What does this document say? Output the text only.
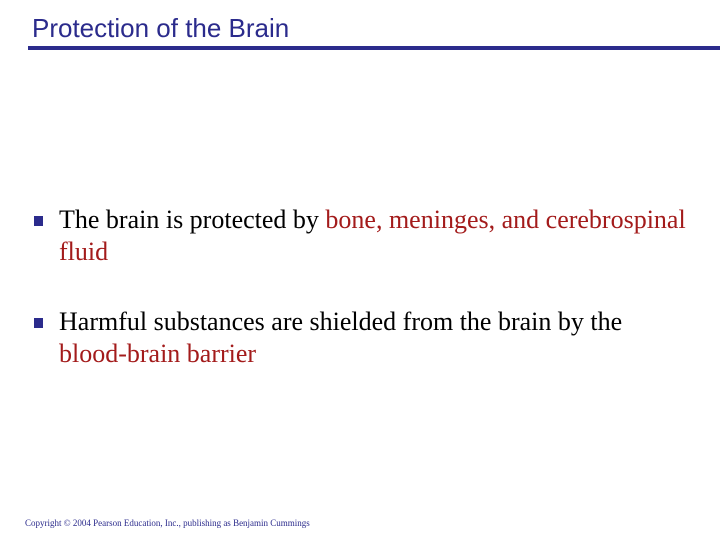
Protection of the Brain
The brain is protected by bone, meninges, and cerebrospinal fluid
Harmful substances are shielded from the brain by the blood-brain barrier
Copyright © 2004 Pearson Education, Inc., publishing as Benjamin Cummings
